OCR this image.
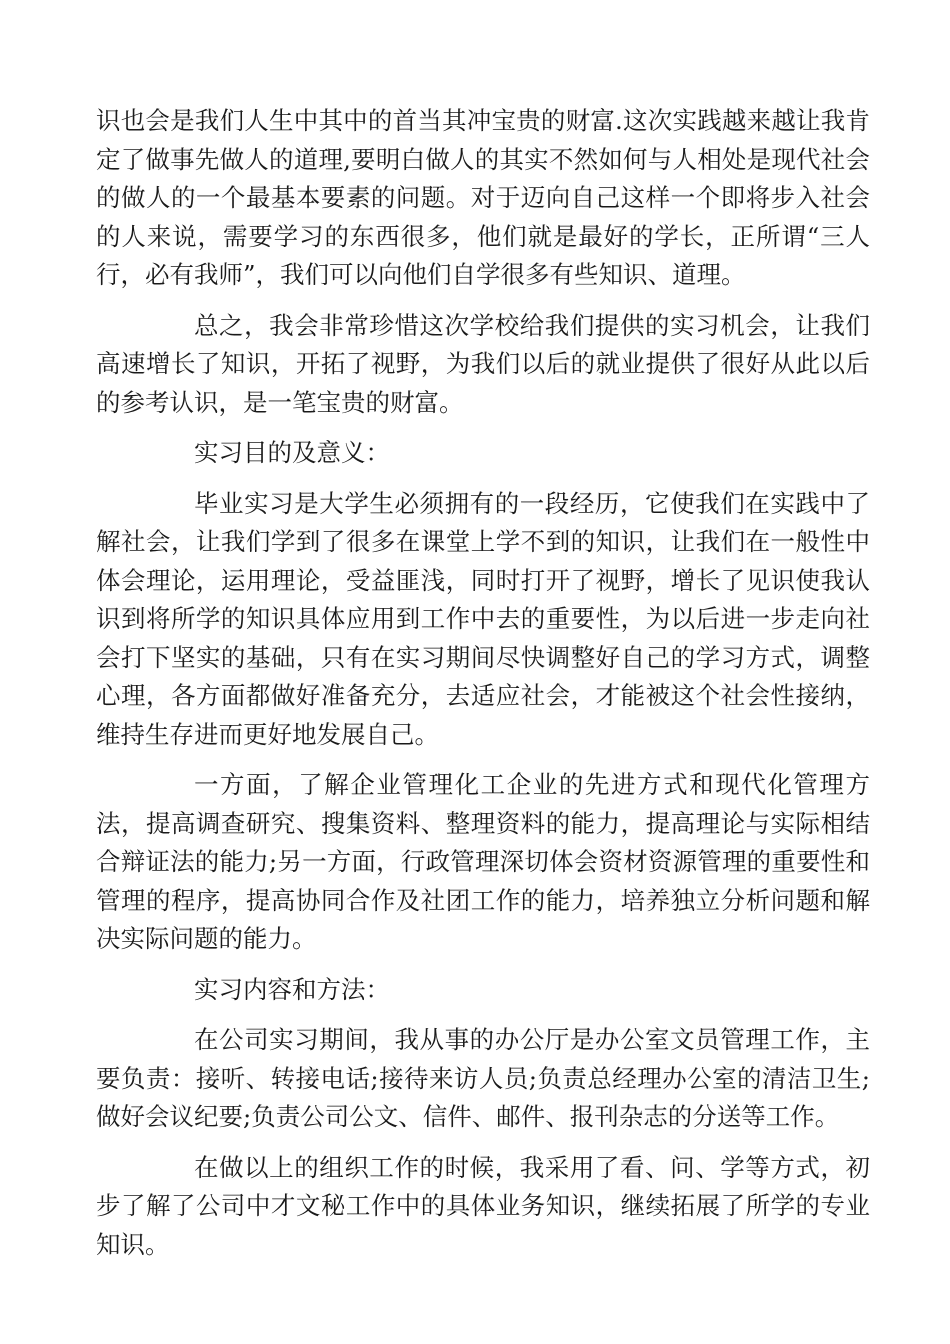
识也会是我们人生中其中的首当其冲宝贵的财富.这次实践越来越让我肯定了做事先做人的道理,要明白做人的其实不然如何与人相处是现代社会的做人的一个最基本要素的问题。对于迈向自己这样一个即将步入社会的人来说，需要学习的东西很多，他们就是最好的学长，正所谓“三人行，必有我师”，我们可以向他们自学很多有些知识、道理。

总之，我会非常珍惜这次学校给我们提供的实习机会，让我们高速增长了知识，开拓了视野，为我们以后的就业提供了很好从此以后的参考认识，是一笔宝贵的财富。

实习目的及意义：

毕业实习是大学生必须拥有的一段经历，它使我们在实践中了解社会，让我们学到了很多在课堂上学不到的知识，让我们在一般性中体会理论，运用理论，受益匪浅，同时打开了视野，增长了见识使我认识到将所学的知识具体应用到工作中去的重要性，为以后进一步走向社会打下坚实的基础，只有在实习期间尽快调整好自己的学习方式，调整心理，各方面都做好准备充分，去适应社会，才能被这个社会性接纳，维持生存进而更好地发展自己。

一方面，了解企业管理化工企业的先进方式和现代化管理方法，提高调查研究、搜集资料、整理资料的能力，提高理论与实际相结合辩证法的能力;另一方面，行政管理深切体会资材资源管理的重要性和管理的程序，提高协同合作及社团工作的能力，培养独立分析问题和解决实际问题的能力。

实习内容和方法：

在公司实习期间，我从事的办公厅是办公室文员管理工作，主要负责：接听、转接电话;接待来访人员;负责总经理办公室的清洁卫生;做好会议纪要;负责公司公文、信件、邮件、报刊杂志的分送等工作。

在做以上的组织工作的时候，我采用了看、问、学等方式，初步了解了公司中才文秘工作中的具体业务知识，继续拓展了所学的专业知识。
